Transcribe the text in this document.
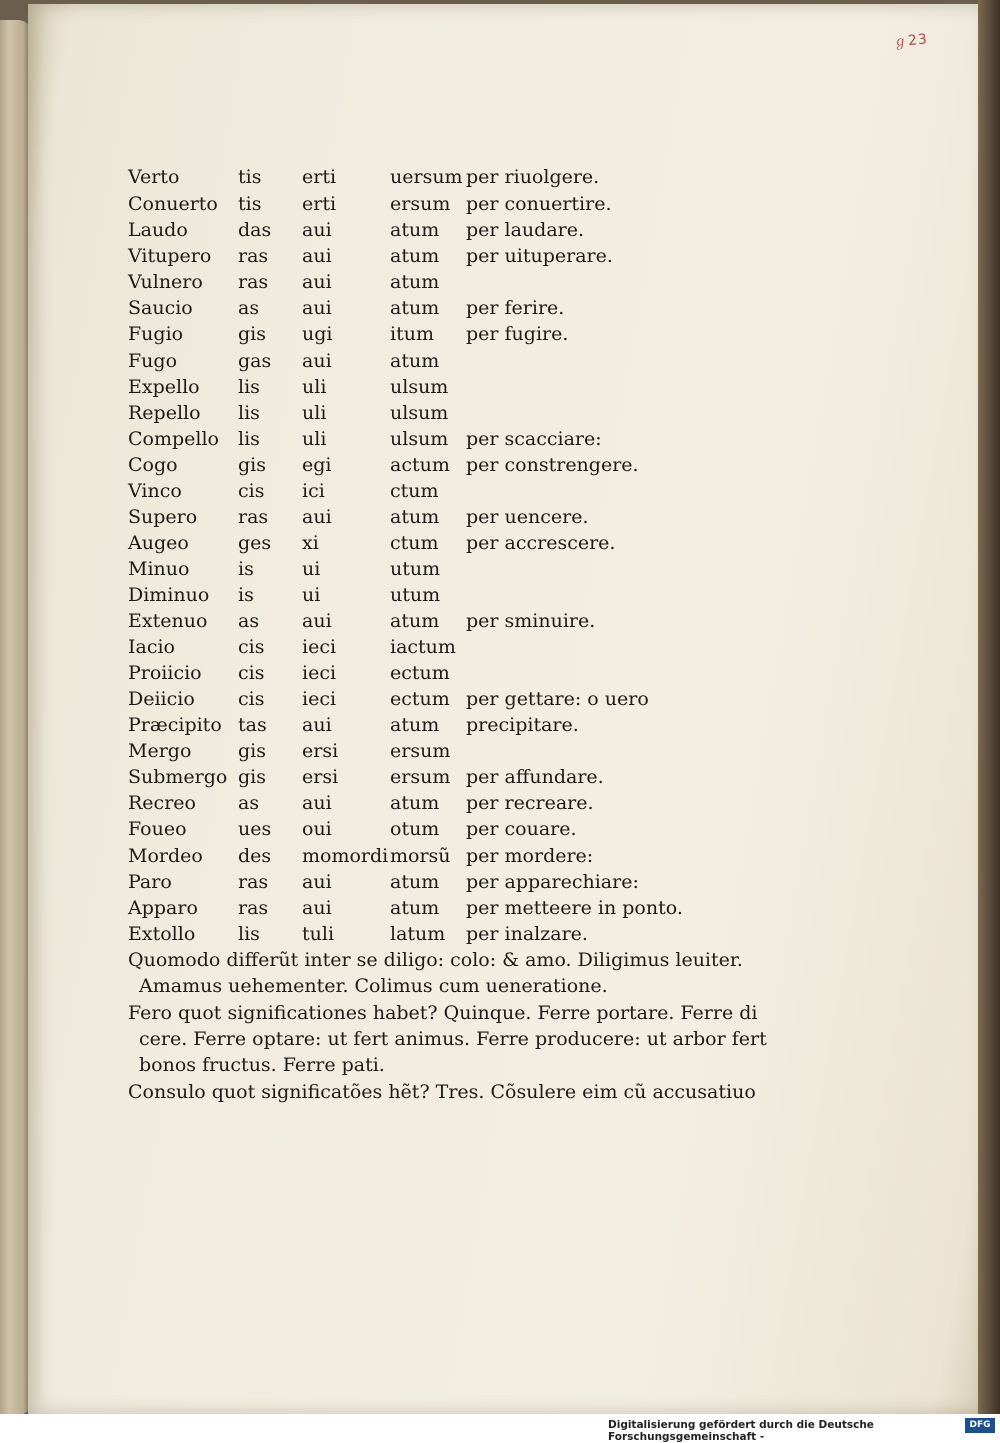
ℊ23
Verto	tis erti	uersum per riuolgere.
Conuerto tis erti	ersum per conuertire.
Laudo	das aui	atum per laudare.
Vitupero ras aui	atum per uituperare.
Vulnero ras aui	atum
Saucio as aui	atum per ferire.
Fugio	gis ugi	itum per fugire.
Fugo	gas aui	atum
Expello lis uli	ulsum
Repello lis uli	ulsum
Compello lis uli	ulsum per scacciare:
Cogo	gis egi	actum per constrengere.
Vinco	cis ici	ctum
Supero ras aui	atum per uencere.
Augeo	ges xi	ctum per accrescere.
Minuo	is	ui	utum
Diminuo is	ui	utum
Extenuo as aui	atum per sminuire.
Iacio	cis ieci	iactum
Proiicio cis ieci	ectum
Deiicio cis ieci	ectum per gettare: o uero
Præcipito tas aui	atum precipitare.
Mergo gis ersi	ersum
Submergo gis ersi	ersum per affundare.
Recreo as aui	atum per recreare.
Foueo	ues oui	otum per couare.
Mordeo des momordi morsũ per mordere:
Paro	ras aui	atum per apparechiare:
Apparo ras aui	atum per metteere in ponto.
Extollo lis tuli	latum per inalzare.
Quomodo differũt inter se diligo: colo: & amo. Diligimus leuiter.
Amamus uehementer. Colimus cum ueneratione.
Fero quot significationes habet? Quinque. Ferre portare. Ferre di
cere. Ferre optare: ut fert animus. Ferre producere: ut arbor fert
bonos fructus. Ferre pati.
Consulo quot significatões hẽt? Tres. Cõsulere eim cũ accusatiuo
Digitalisierung gefördert durch die Deutsche Forschungsgemeinschaft -
DFG
